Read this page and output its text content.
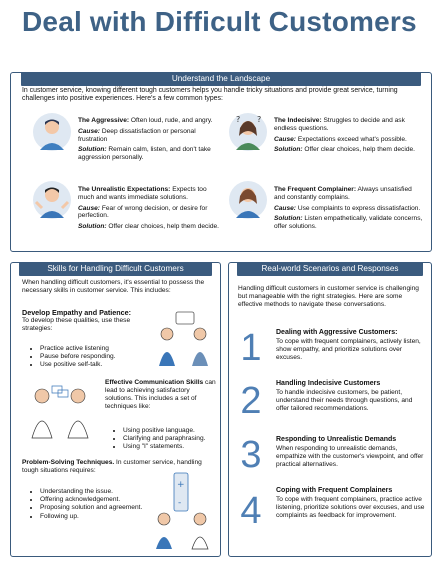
Deal with Difficult Customers
Understand the Landscape

In customer service, knowing different tough customers helps you handle tricky situations and provide great service, turning challenges into positive experiences. Here's a few common types:

? ?

The Aggressive: Often loud, rude, and angry.

Cause: Deep dissatisfaction or personal frustration

Solution: Remain calm, listen, and don't take aggression personally.

The Indecisive: Struggles to decide and ask endless questions.

Cause: Expectations exceed what's possible.

Solution: Offer clear choices, help them decide.

The Unrealistic Expectations: Expects too much and wants immediate solutions.

Cause: Fear of wrong decision, or desire for perfection.

Solution: Offer clear choices, help them decide.

The Frequent Complainer: Always unsatisfied and constantly complains.

Cause: Use complaints to express dissatisfaction.

Solution: Listen empathetically, validate concerns, offer solutions.

Skills for Handling Difficult Customers

When handling difficult customers, it's essential to possess the necessary skills in customer service. This includes:

Develop Empathy and Patience:

To develop these qualities, use these strategies:

• Practice active listening
• Pause before responding.
• Use positive self-talk.

Effective Communication Skills can lead to achieving satisfactory solutions. This includes a set of techniques like:

• Using positive language.
• Clarifying and paraphrasing.
• Using "I" statements.

Problem-Solving Techniques. In customer service, handling tough situations requires:

• Understanding the issue.
• Offering acknowledgement.
• Proposing solution and agreement.
• Following up.
+
-
Real-world Scenarios and Responses

Handling difficult customers in customer service is challenging but manageable with the right strategies. Here are some effective methods to navigate these conversations.

1	Dealing with Aggressive Customers:

To cope with frequent complainers, actively listen, show empathy, and prioritize solutions over excuses.

2	Handling Indecisive Customers

To handle indecisive customers, be patient, understand their needs through questions, and offer tailored recommendations.

3	Responding to Unrealistic Demands

When responding to unrealistic demands, empathize with the customer's viewpoint, and offer practical alternatives.

4	Coping with Frequent Complainers

To cope with frequent complainers, practice active listening, prioritize solutions over excuses, and use complaints as feedback for improvement.
